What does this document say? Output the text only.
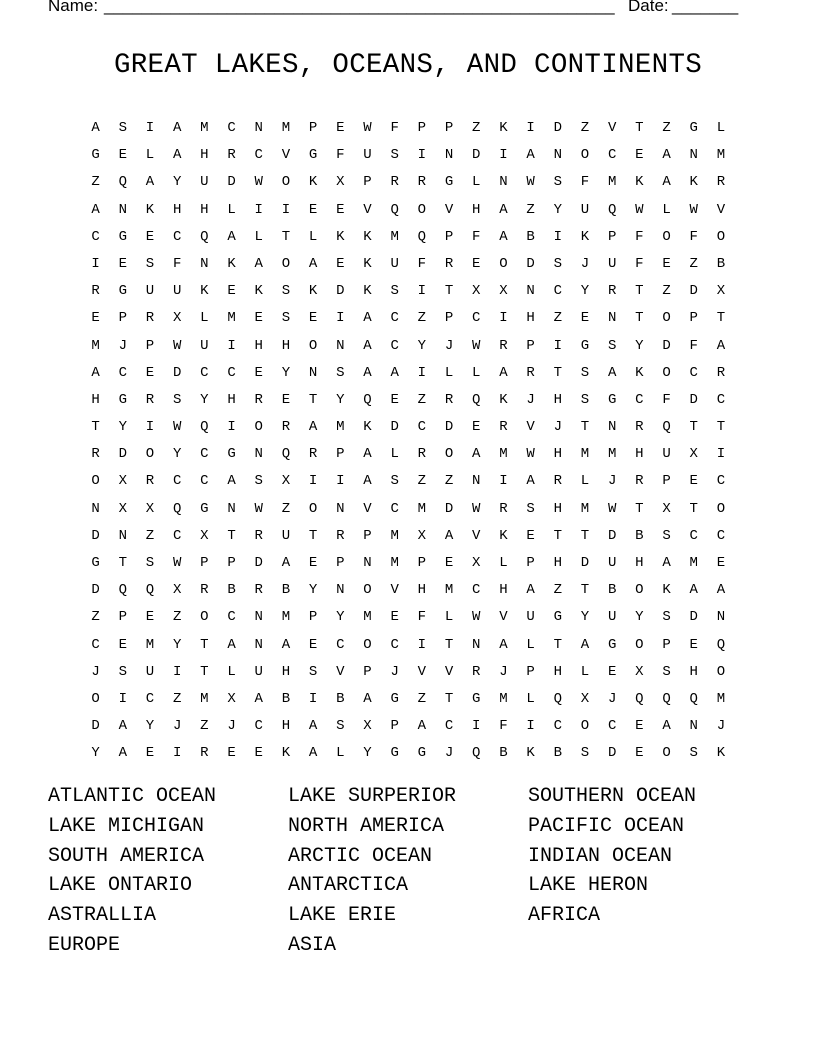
Name: ______________________________________________________ Date: _______
GREAT LAKES, OCEANS, AND CONTINENTS
A	S	I	A	M	C	N	M	P	E	W	F	P	P	Z	K	I	D	Z	V	T	Z	G	L
G	E	L	A	H	R	C	V	G	F	U	S	I	N	D	I	A	N	O	C	E	A	N	M
Z	Q	A	Y	U	D	W	O	K	X	P	R	R	G	L	N	W	S	F	M	K	A	K	R
A	N	K	H	H	L	I	I	E	E	V	Q	O	V	H	A	Z	Y	U	Q	W	L	W	V
C	G	E	C	Q	A	L	T	L	K	K	M	Q	P	F	A	B	I	K	P	F	O	F	O
I	E	S	F	N	K	A	O	A	E	K	U	F	R	E	O	D	S	J	U	F	E	Z	B
R	G	U	U	K	E	K	S	K	D	K	S	I	T	X	X	N	C	Y	R	T	Z	D	X
E	P	R	X	L	M	E	S	E	I	A	C	Z	P	C	I	H	Z	E	N	T	O	P	T
M	J	P	W	U	I	H	H	O	N	A	C	Y	J	W	R	P	I	G	S	Y	D	F	A
A	C	E	D	C	C	E	Y	N	S	A	A	I	L	L	A	R	T	S	A	K	O	C	R
H	G	R	S	Y	H	R	E	T	Y	Q	E	Z	R	Q	K	J	H	S	G	C	F	D	C
T	Y	I	W	Q	I	O	R	A	M	K	D	C	D	E	R	V	J	T	N	R	Q	T	T
R	D	O	Y	C	G	N	Q	R	P	A	L	R	O	A	M	W	H	M	M	H	U	X	I
O	X	R	C	C	A	S	X	I	I	A	S	Z	Z	N	I	A	R	L	J	R	P	E	C
N	X	X	Q	G	N	W	Z	O	N	V	C	M	D	W	R	S	H	M	W	T	X	T	O
D	N	Z	C	X	T	R	U	T	R	P	M	X	A	V	K	E	T	T	D	B	S	C	C
G	T	S	W	P	P	D	A	E	P	N	M	P	E	X	L	P	H	D	U	H	A	M	E
D	Q	Q	X	R	B	R	B	Y	N	O	V	H	M	C	H	A	Z	T	B	O	K	A	A
Z	P	E	Z	O	C	N	M	P	Y	M	E	F	L	W	V	U	G	Y	U	Y	S	D	N
C	E	M	Y	T	A	N	A	E	C	O	C	I	T	N	A	L	T	A	G	O	P	E	Q
J	S	U	I	T	L	U	H	S	V	P	J	V	V	R	J	P	H	L	E	X	S	H	O
O	I	C	Z	M	X	A	B	I	B	A	G	Z	T	G	M	L	Q	X	J	Q	Q	Q	M
D	A	Y	J	Z	J	C	H	A	S	X	P	A	C	I	F	I	C	O	C	E	A	N	J
Y	A	E	I	R	E	E	K	A	L	Y	G	G	J	Q	B	K	B	S	D	E	O	S	K
ATLANTIC OCEAN	LAKE SURPERIOR	SOUTHERN OCEAN
LAKE MICHIGAN	NORTH AMERICA	PACIFIC OCEAN
SOUTH AMERICA	ARCTIC OCEAN	INDIAN OCEAN
LAKE ONTARIO	ANTARCTICA	LAKE HERON
ASTRALLIA	LAKE ERIE	AFRICA
EUROPE	ASIA
